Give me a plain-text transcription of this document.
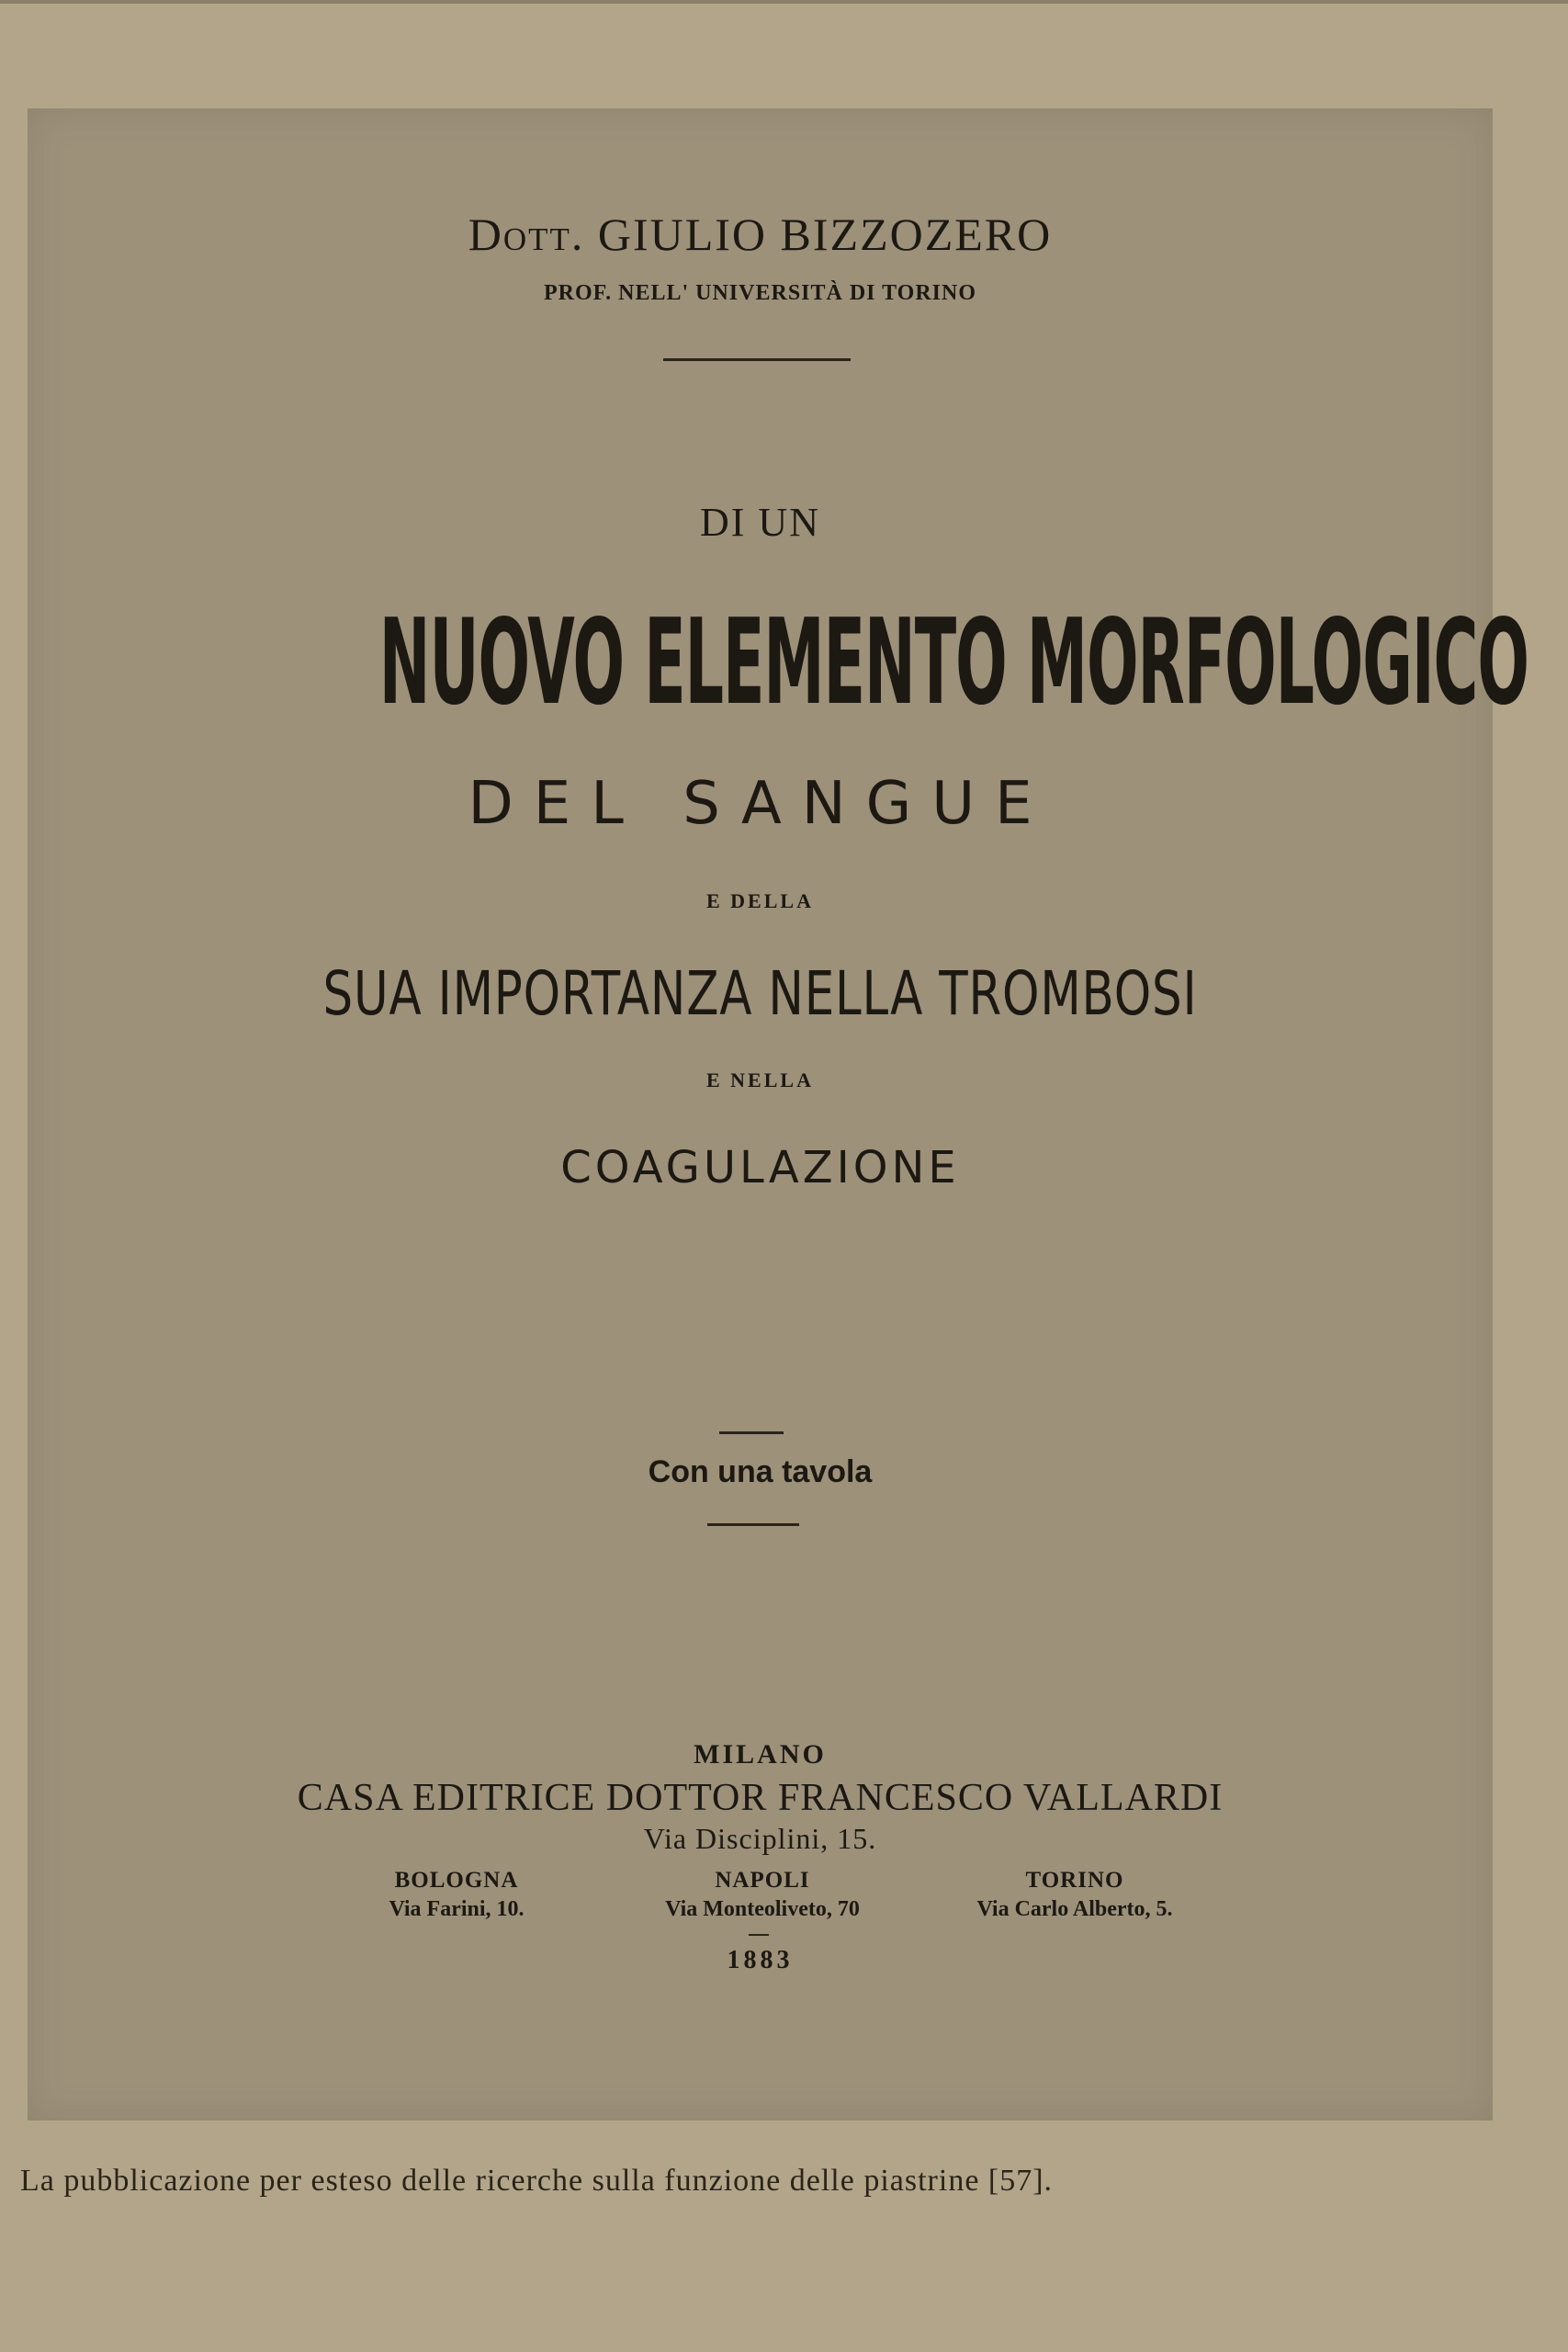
Dott. GIULIO BIZZOZERO
PROF. NELL' UNIVERSITÀ DI TORINO
DI UN
NUOVO ELEMENTO MORFOLOGICO
DEL SANGUE
E DELLA
SUA IMPORTANZA NELLA TROMBOSI
E NELLA
COAGULAZIONE
Con una tavola
MILANO
CASA EDITRICE DOTTOR FRANCESCO VALLARDI
Via Disciplini, 15.
BOLOGNA
Via Farini, 10.
NAPOLI
Via Monteoliveto, 70
TORINO
Via Carlo Alberto, 5.
1883
La pubblicazione per esteso delle ricerche sulla funzione delle piastrine [57].
